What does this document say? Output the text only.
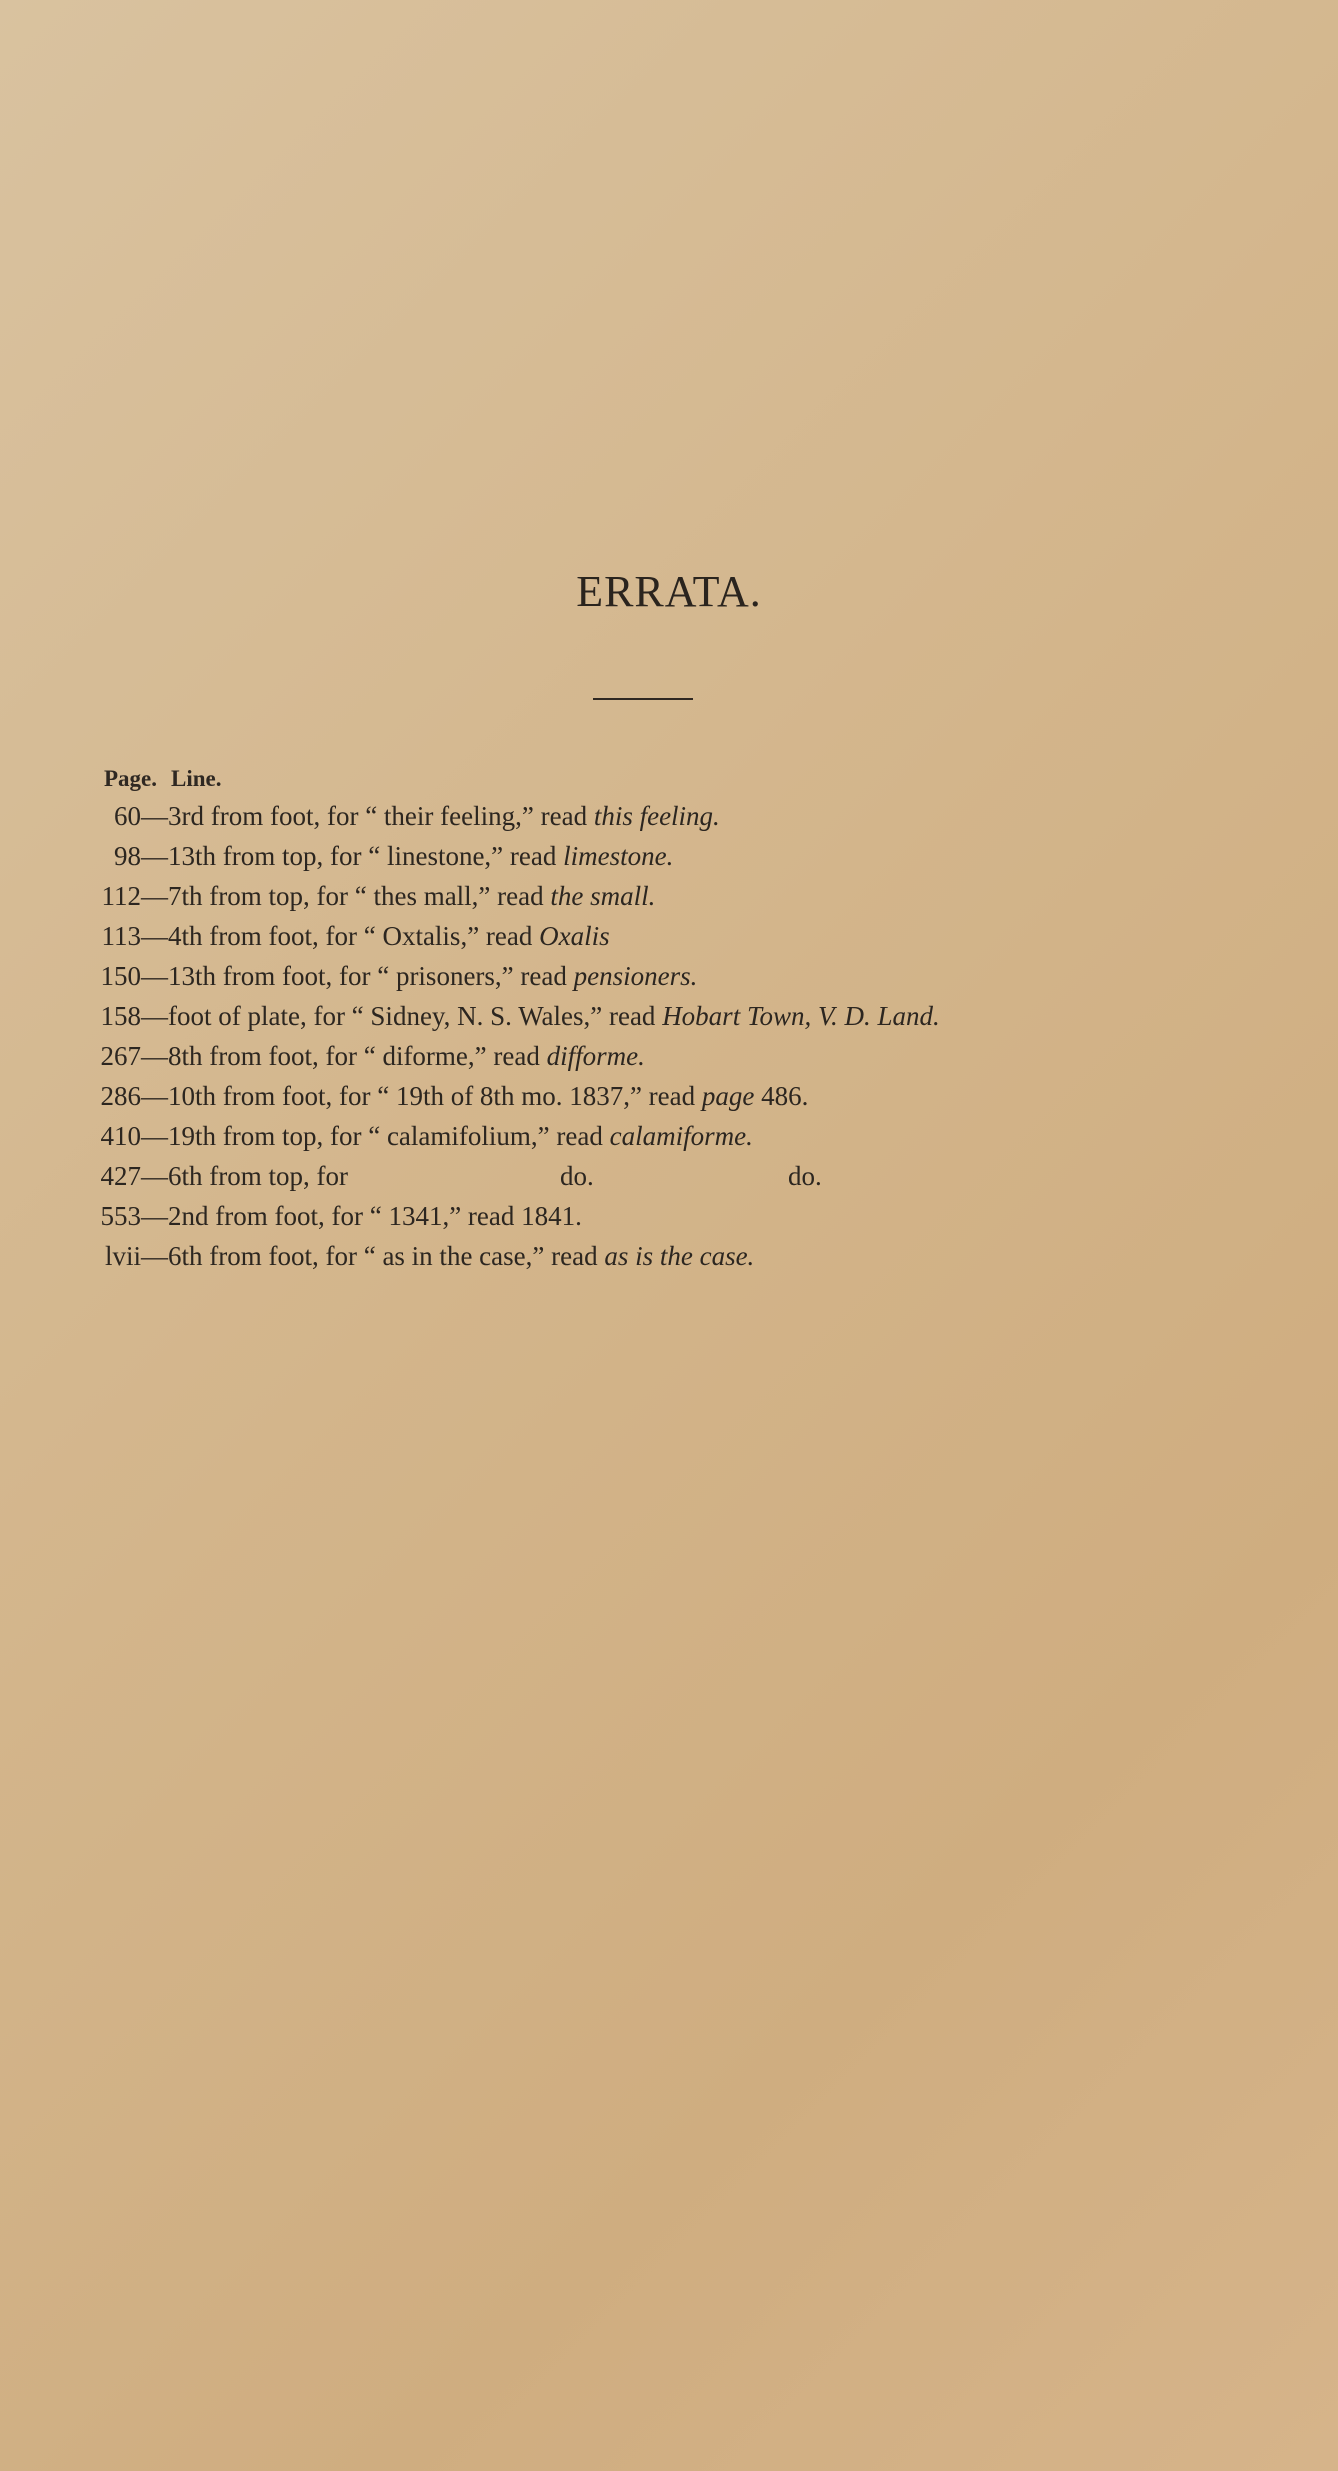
ERRATA.
Page. Line.
60— 3rd from foot, for “ their feeling,” read this feeling.
98— 13th from top, for “ linestone,” read limestone.
112— 7th from top, for “ thes mall,” read the small.
113— 4th from foot, for “ Oxtalis,” read Oxalis
150— 13th from foot, for “ prisoners,” read pensioners.
158— foot of plate, for “ Sidney, N. S. Wales,” read Hobart Town, V. D. Land.
267— 8th from foot, for “ diforme,” read difforme.
286— 10th from foot, for “ 19th of 8th mo. 1837,” read page 486.
410— 19th from top, for “ calamifolium,” read calamiforme.
427— 6th from top, for	do.	do.
553— 2nd from foot, for “ 1341,” read 1841.
lvii— 6th from foot, for “ as in the case,” read as is the case.
